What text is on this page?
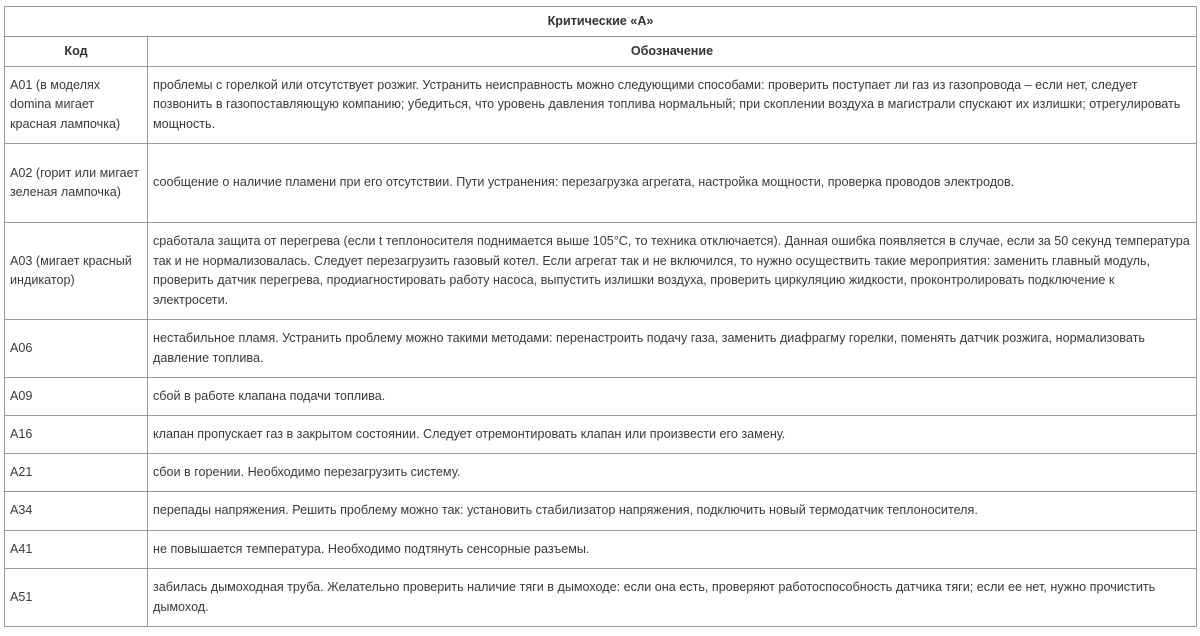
Критические «А»	
Код	Обозначение
A01 (в моделях domina мигает красная лампочка)	проблемы с горелкой или отсутствует розжиг. Устранить неисправность можно следующими способами: проверить поступает ли газ из газопровода – если нет, следует позвонить в газопоставляющую компанию; убедиться, что уровень давления топлива нормальный; при скоплении воздуха в магистрали спускают их излишки; отрегулировать мощность.
A02 (горит или мигает зеленая лампочка)	сообщение о наличие пламени при его отсутствии. Пути устранения: перезагрузка агрегата, настройка мощности, проверка проводов электродов.
A03 (мигает красный индикатор)	сработала защита от перегрева (если t теплоносителя поднимается выше 105°C, то техника отключается). Данная ошибка появляется в случае, если за 50 секунд температура так и не нормализовалась. Следует перезагрузить газовый котел. Если агрегат так и не включился, то нужно осуществить такие мероприятия: заменить главный модуль, проверить датчик перегрева, продиагностировать работу насоса, выпустить излишки воздуха, проверить циркуляцию жидкости, проконтролировать подключение к электросети.
A06	нестабильное пламя. Устранить проблему можно такими методами: перенастроить подачу газа, заменить диафрагму горелки, поменять датчик розжига, нормализовать давление топлива.
A09	сбой в работе клапана подачи топлива.
A16	клапан пропускает газ в закрытом состоянии. Следует отремонтировать клапан или произвести его замену.
A21	сбои в горении. Необходимо перезагрузить систему.
A34	перепады напряжения. Решить проблему можно так: установить стабилизатор напряжения, подключить новый термодатчик теплоносителя.
A41	не повышается температура. Необходимо подтянуть сенсорные разъемы.
A51	забилась дымоходная труба. Желательно проверить наличие тяги в дымоходе: если она есть, проверяют работоспособность датчика тяги; если ее нет, нужно прочистить дымоход.
